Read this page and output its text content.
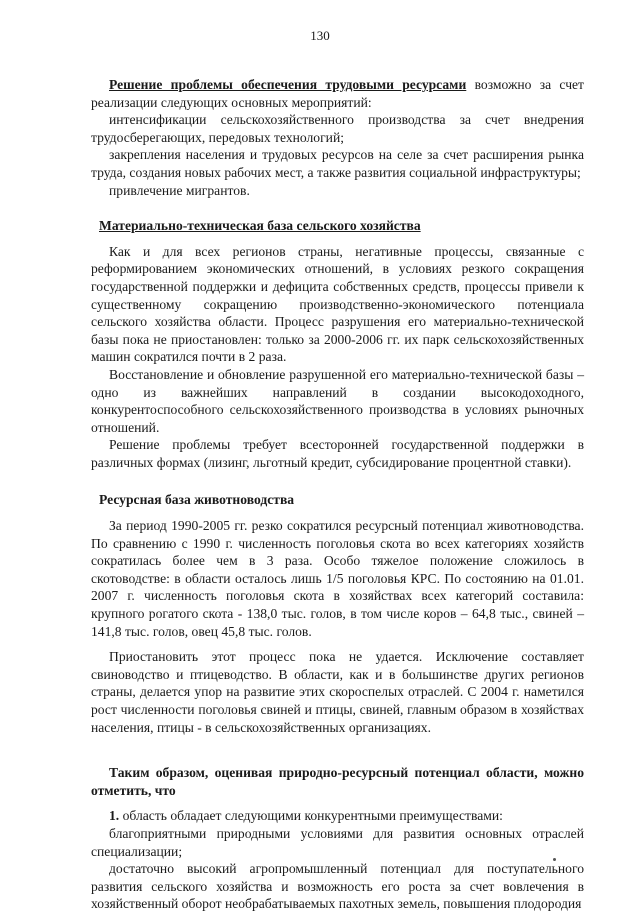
130

Решение проблемы обеспечения трудовыми ресурсами возможно за счет реализации следующих основных мероприятий:

интенсификации сельскохозяйственного производства за счет внедрения трудосберегающих, передовых технологий;

закрепления населения и трудовых ресурсов на селе за счет расширения рынка труда, создания новых рабочих мест, а также развития социальной инфраструктуры;

привлечение мигрантов.

Материально-техническая база сельского хозяйства

Как и для всех регионов страны, негативные процессы, связанные с реформированием экономических отношений, в условиях резкого сокращения государственной поддержки и дефицита собственных средств, процессы привели к существенному сокращению производственно-экономического потенциала сельского хозяйства области. Процесс разрушения его материально-технической базы пока не приостановлен: только за 2000-2006 гг. их парк сельскохозяйственных машин сократился почти в 2 раза.

Восстановление и обновление разрушенной его материально-технической базы – одно из важнейших направлений в создании высокодоходного, конкурентоспособного сельскохозяйственного производства в условиях рыночных отношений.

Решение проблемы требует всесторонней государственной поддержки в различных формах (лизинг, льготный кредит, субсидирование процентной ставки).

Ресурсная база животноводства

За период 1990-2005 гг. резко сократился ресурсный потенциал животноводства. По сравнению с 1990 г. численность поголовья скота во всех категориях хозяйств сократилась более чем в 3 раза. Особо тяжелое положение сложилось в скотоводстве: в области осталось лишь 1/5 поголовья КРС. По состоянию на 01.01. 2007 г. численность поголовья скота в хозяйствах всех категорий составила: крупного рогатого скота - 138,0 тыс. голов, в том числе коров – 64,8 тыс., свиней – 141,8 тыс. голов, овец 45,8 тыс. голов.

Приостановить этот процесс пока не удается. Исключение составляет свиноводство и птицеводство. В области, как и в большинстве других регионов страны, делается упор на развитие этих скороспелых отраслей. С 2004 г. наметился рост численности поголовья свиней и птицы, свиней, главным образом в хозяйствах населения, птицы - в сельскохозяйственных организациях.

Таким образом, оценивая природно-ресурсный потенциал области, можно отметить, что

1. область обладает следующими конкурентными преимуществами:

благоприятными природными условиями для развития основных отраслей специализации;

достаточно высокий агропромышленный потенциал для поступательного развития сельского хозяйства и возможность его роста за счет вовлечения в хозяйственный оборот необрабатываемых пахотных земель, повышения плодородия
